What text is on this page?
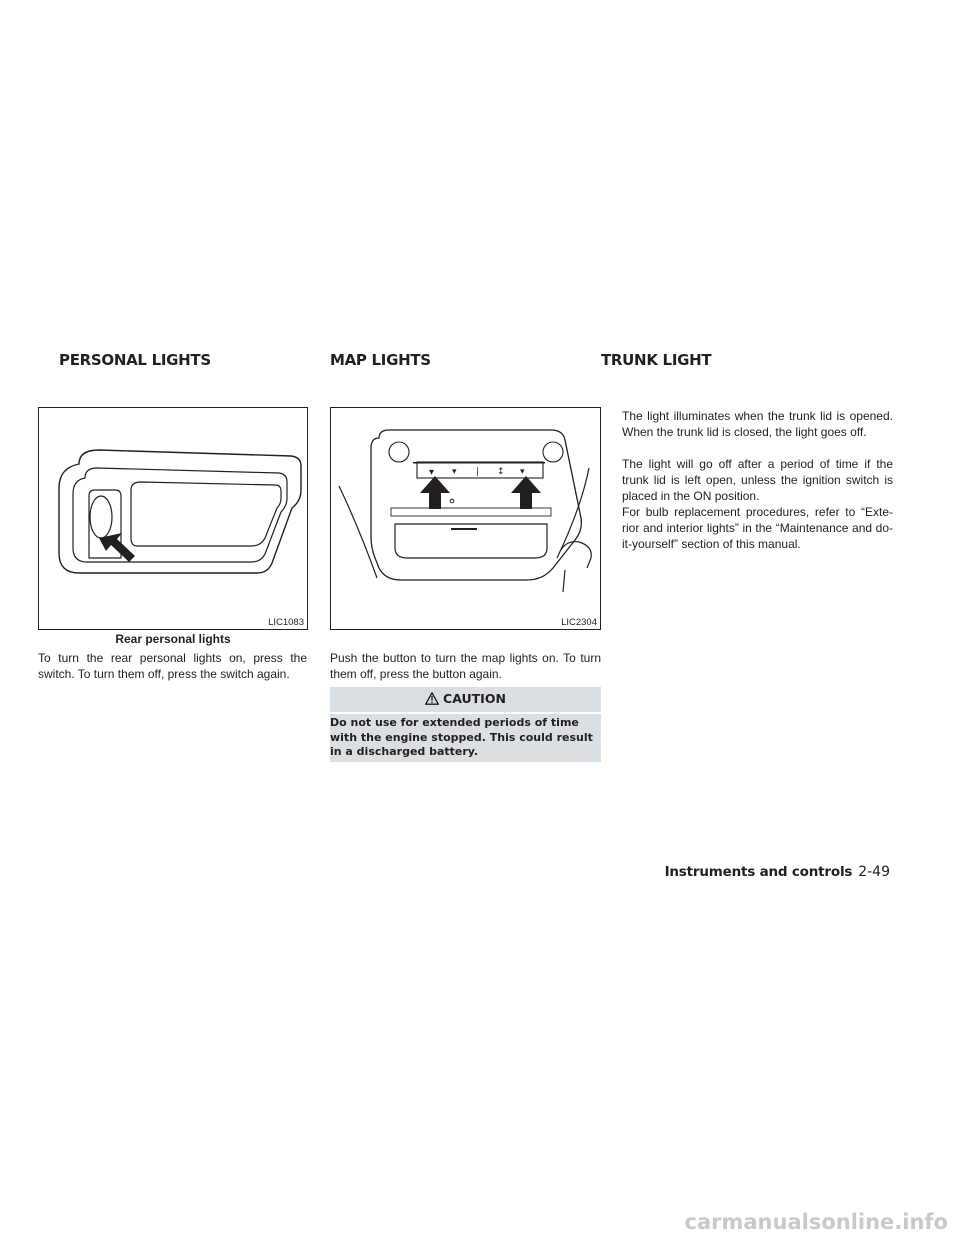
PERSONAL LIGHTS	MAP LIGHTS	TRUNK LIGHT
LIC1083
Rear personal lights

To turn the rear personal lights on, press the switch. To turn them off, press the switch again.

▾ ▾ | ↕ ▾
LIC2304

Push the button to turn the map lights on. To turn them off, press the button again.

CAUTION

Do not use for extended periods of time
with the engine stopped. This could result
in a discharged battery.

The light illuminates when the trunk lid is opened. When the trunk lid is closed, the light goes off.

The light will go off after a period of time if the trunk lid is left open, unless the ignition switch is placed in the ON position.

For bulb replacement procedures, refer to “Exte-rior and interior lights” in the “Maintenance and do-it-yourself” section of this manual.

Instruments and controls 2-49
carmanualsonline.info
